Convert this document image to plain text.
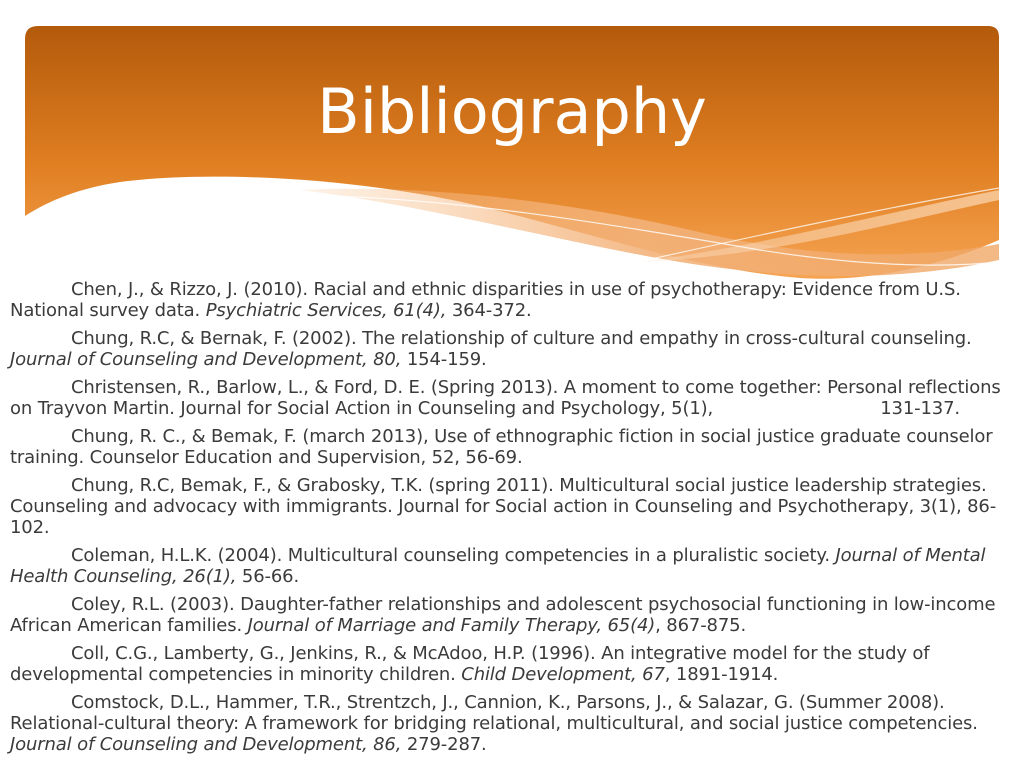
Bibliography

Chen, J., & Rizzo, J. (2010). Racial and ethnic disparities in use of psychotherapy: Evidence from U.S. National survey data. Psychiatric Services, 61(4), 364-372.

Chung, R.C, & Bernak, F. (2002). The relationship of culture and empathy in cross-cultural counseling. Journal of Counseling and Development, 80, 154-159.

Christensen, R., Barlow, L., & Ford, D. E. (Spring 2013). A moment to come together: Personal reflections on Trayvon Martin. Journal for Social Action in Counseling and Psychology, 5(1),                              131-137.

Chung, R. C., & Bemak, F. (march 2013), Use of ethnographic fiction in social justice graduate counselor training. Counselor Education and Supervision, 52, 56-69.

Chung, R.C, Bemak, F., & Grabosky, T.K. (spring 2011). Multicultural social justice leadership strategies. Counseling and advocacy with immigrants. Journal for Social action in Counseling and Psychotherapy, 3(1), 86-102.

Coleman, H.L.K. (2004). Multicultural counseling competencies in a pluralistic society. Journal of Mental Health Counseling, 26(1), 56-66.

Coley, R.L. (2003). Daughter-father relationships and adolescent psychosocial functioning in low-income African American families. Journal of Marriage and Family Therapy, 65(4), 867-875.

Coll, C.G., Lamberty, G., Jenkins, R., & McAdoo, H.P. (1996). An integrative model for the study of developmental competencies in minority children. Child Development, 67, 1891-1914.

Comstock, D.L., Hammer, T.R., Strentzch, J., Cannion, K., Parsons, J., & Salazar, G. (Summer 2008). Relational-cultural theory: A framework for bridging relational, multicultural, and social justice competencies. Journal of Counseling and Development, 86, 279-287.
